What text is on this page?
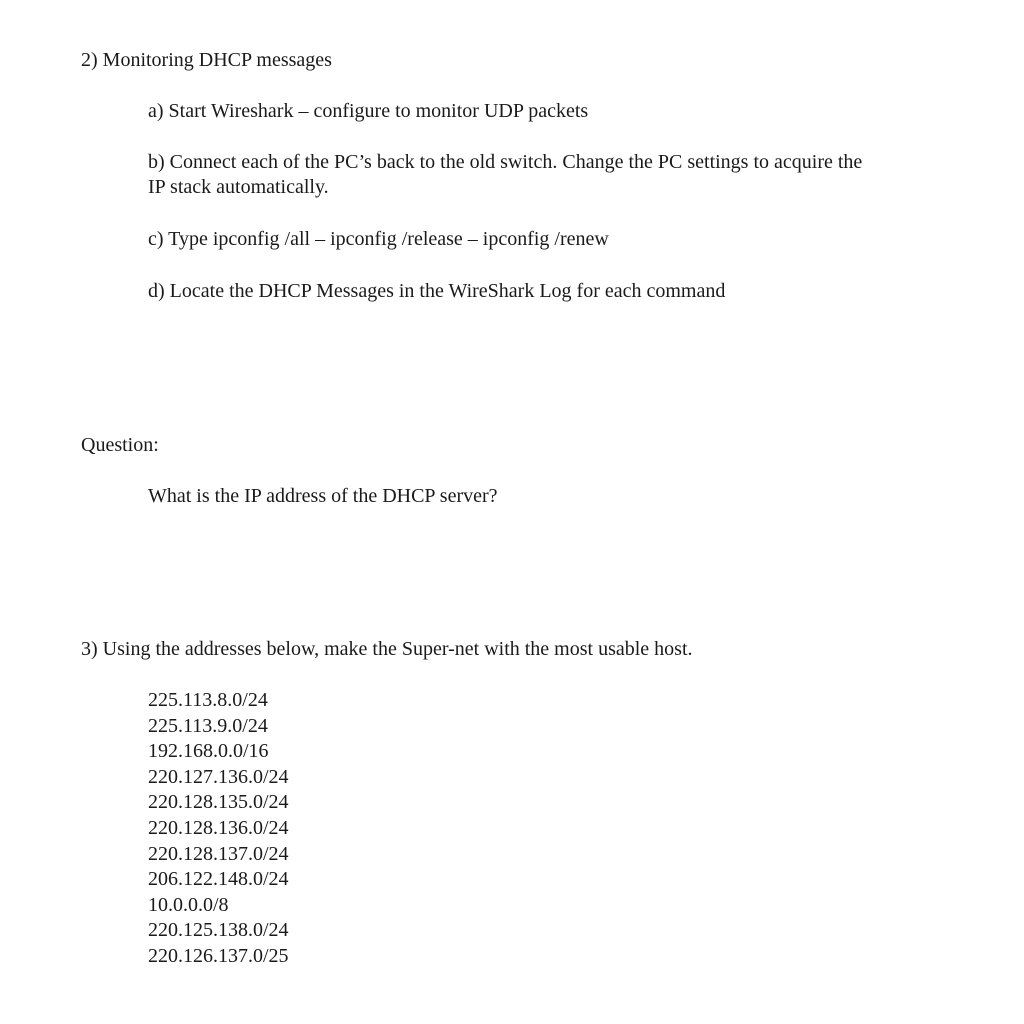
2) Monitoring DHCP messages

a) Start Wireshark – configure to monitor UDP packets

b) Connect each of the PC’s back to the old switch. Change the PC settings to acquire the

IP stack automatically.

c) Type ipconfig /all – ipconfig /release – ipconfig /renew

d) Locate the DHCP Messages in the WireShark Log for each command

Question:

What is the IP address of the DHCP server?

3) Using the addresses below, make the Super-net with the most usable host.

225.113.8.0/24
225.113.9.0/24
192.168.0.0/16
220.127.136.0/24
220.128.135.0/24
220.128.136.0/24
220.128.137.0/24
206.122.148.0/24
10.0.0.0/8
220.125.138.0/24
220.126.137.0/25
